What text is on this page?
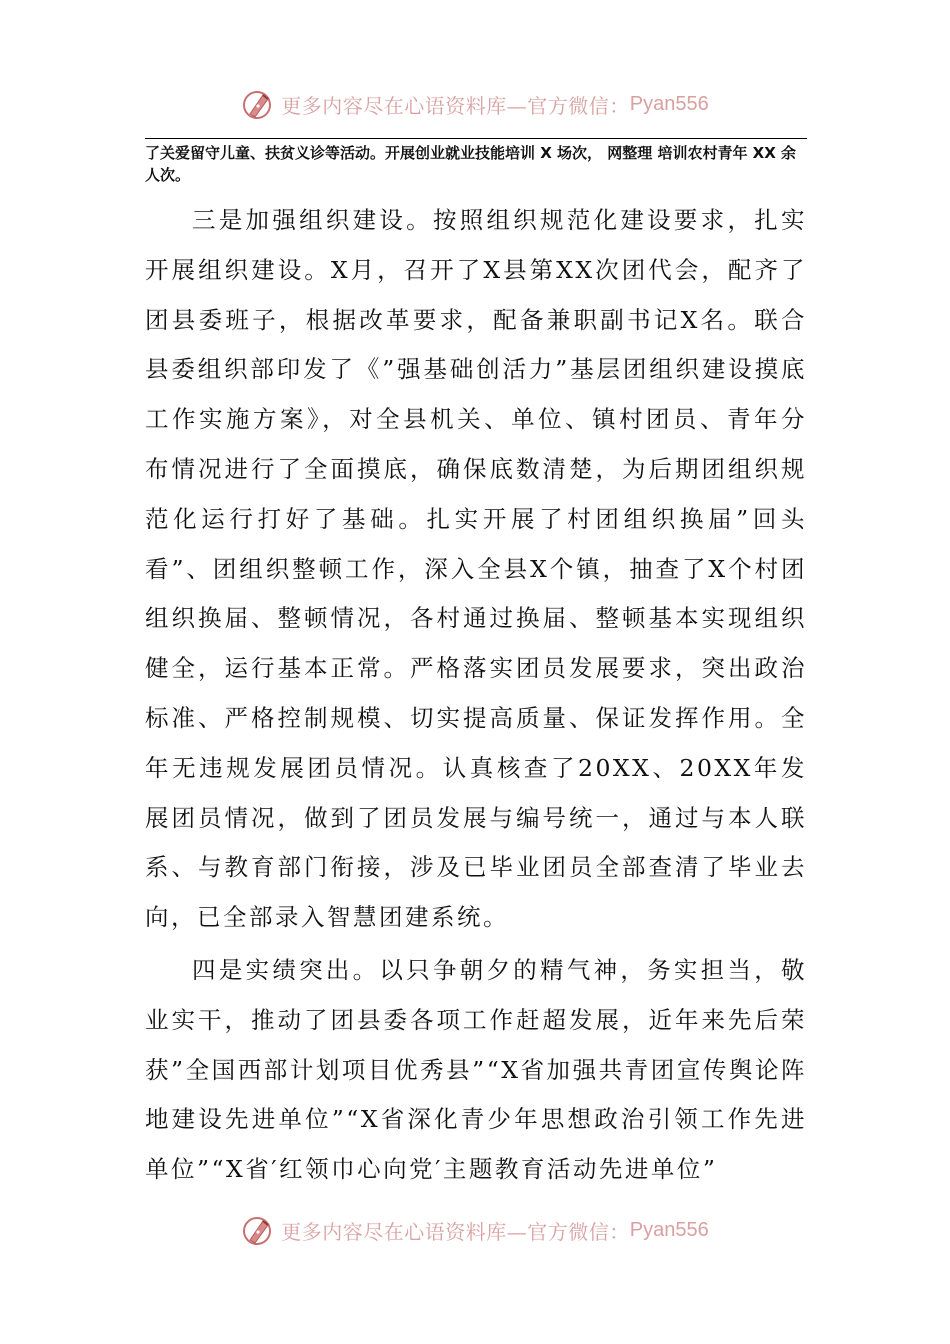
更多内容尽在心语资料库—官方微信： Pyan556
了关爱留守儿童、扶贫义诊等活动。开展创业就业技能培训 X 场次， 网整理 培训农村青年 XX 余人次。

三是加强组织建设。按照组织规范化建设要求，扎实开展组织建设。X月，召开了X县第XX次团代会，配齐了团县委班子，根据改革要求，配备兼职副书记X名。联合县委组织部印发了《”强基础创活力”基层团组织建设摸底工作实施方案》，对全县机关、单位、镇村团员、青年分布情况进行了全面摸底，确保底数清楚，为后期团组织规范化运行打好了基础。扎实开展了村团组织换届”回头看”、团组织整顿工作，深入全县X个镇，抽查了X个村团组织换届、整顿情况，各村通过换届、整顿基本实现组织健全，运行基本正常。严格落实团员发展要求，突出政治标准、严格控制规模、切实提高质量、保证发挥作用。全年无违规发展团员情况。认真核查了20XX、20XX年发展团员情况，做到了团员发展与编号统一，通过与本人联系、与教育部门衔接，涉及已毕业团员全部查清了毕业去向，已全部录入智慧团建系统。

四是实绩突出。以只争朝夕的精气神，务实担当，敬业实干，推动了团县委各项工作赶超发展，近年来先后荣获”全国西部计划项目优秀县”“X省加强共青团宣传舆论阵地建设先进单位”“X省深化青少年思想政治引领工作先进单位”“X省′红领巾心向党′主题教育活动先进单位”

更多内容尽在心语资料库—官方微信： Pyan556
